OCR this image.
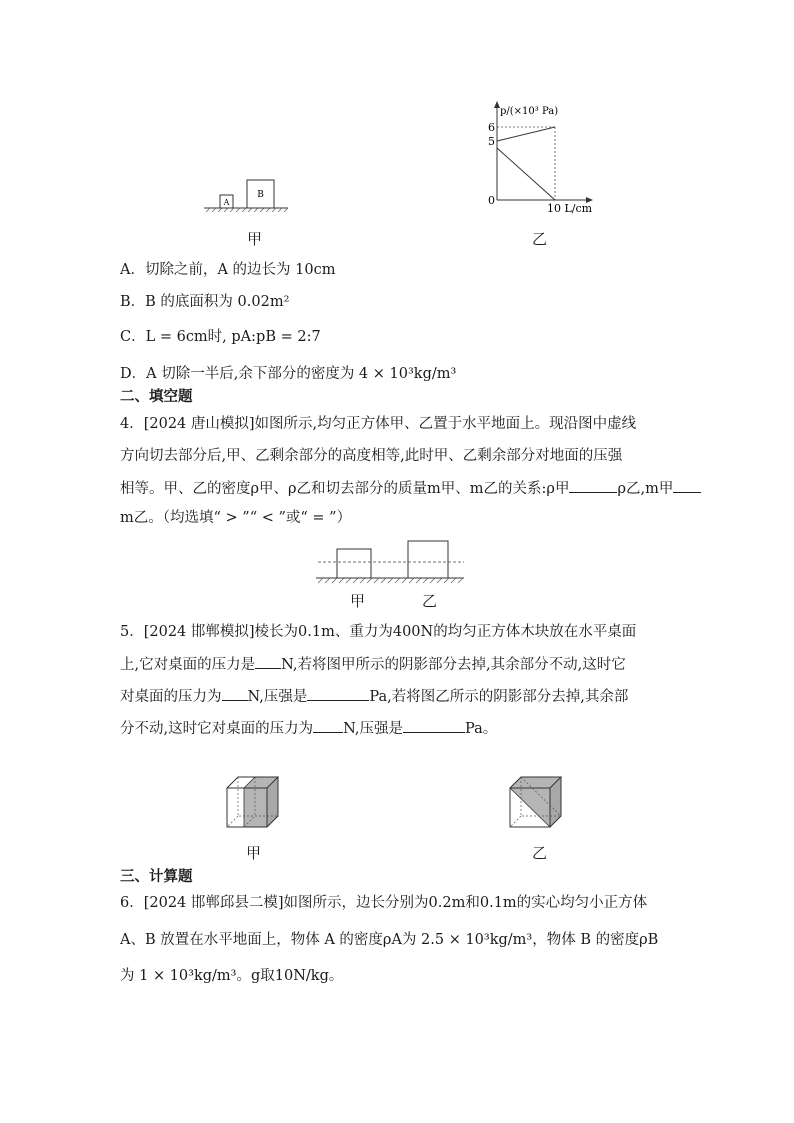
A
B
甲
p/(×10³ Pa)
6
5
0
10 L/cm
乙
A．切除之前，A 的边长为 10cm
B．B 的底面积为 0.02m²
C．L = 6cm时, pA:pB = 2:7
D．A 切除一半后,余下部分的密度为 4 × 10³kg/m³
二、填空题
4．[2024 唐山模拟]如图所示,均匀正方体甲、乙置于水平地面上。现沿图中虚线
方向切去部分后,甲、乙剩余部分的高度相等,此时甲、乙剩余部分对地面的压强
相等。甲、乙的密度ρ甲、ρ乙和切去部分的质量m甲、m乙的关系:ρ甲	ρ乙,m甲
m乙。（均选填“ > ”“ < ”或“ = ”）
甲	乙
5．[2024 邯郸模拟]棱长为0.1m、重力为400N的均匀正方体木块放在水平桌面
上,它对桌面的压力是 N,若将图甲所示的阴影部分去掉,其余部分不动,这时它
对桌面的压力为 N,压强是	Pa,若将图乙所示的阴影部分去掉,其余部
分不动,这时它对桌面的压力为 N,压强是	Pa。
甲	乙
三、计算题
6．[2024 邯郸邱县二模]如图所示，边长分别为0.2m和0.1m的实心均匀小正方体
A、B 放置在水平地面上，物体 A 的密度ρA为 2.5 × 10³kg/m³，物体 B 的密度ρB
为 1 × 10³kg/m³。g取10N/kg。
